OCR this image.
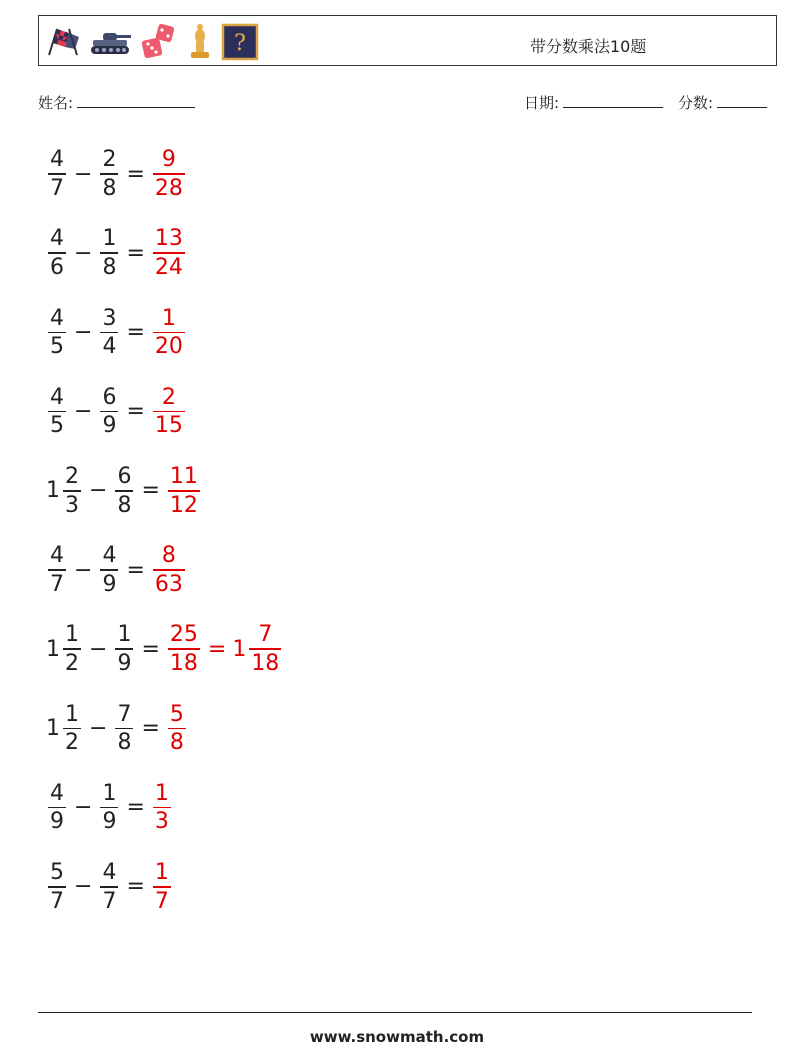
?	带分数乘法10题
姓名:	日期:	分数:
$\frac{4}{7} - \frac{2}{8} = \frac{9}{28}$
$\frac{4}{6} - \frac{1}{8} = \frac{13}{24}$
$\frac{4}{5} - \frac{3}{4} = \frac{1}{20}$
$\frac{4}{5} - \frac{6}{9} = \frac{2}{15}$
$1 \frac{2}{3} - \frac{6}{8} = \frac{11}{12}$
$\frac{4}{7} - \frac{4}{9} = \frac{8}{63}$
$1 \frac{1}{2} - \frac{1}{9} = \frac{25}{18} = 1 \frac{7}{18}$
$1 \frac{1}{2} - \frac{7}{8} = \frac{5}{8}$
$\frac{4}{9} - \frac{1}{9} = \frac{1}{3}$
$\frac{5}{7} - \frac{4}{7} = \frac{1}{7}$
www.snowmath.com
